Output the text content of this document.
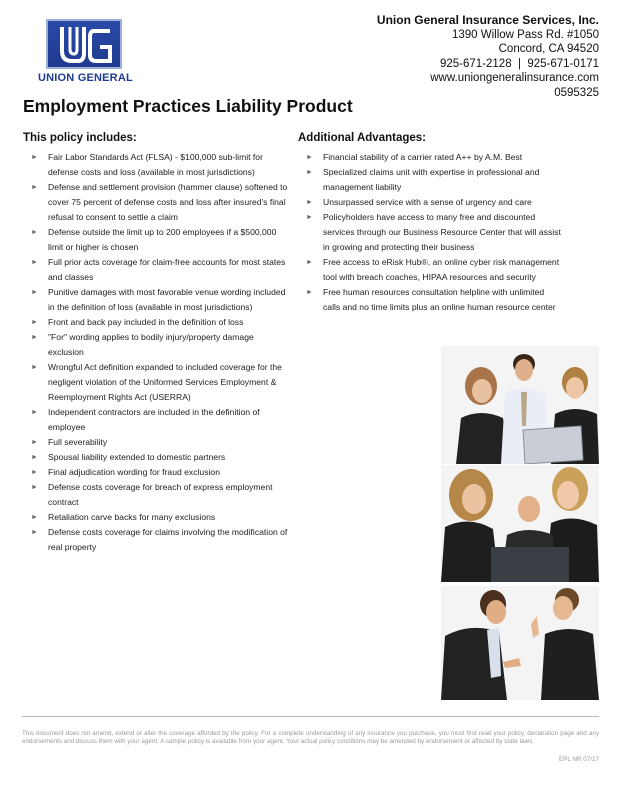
UNION GENERAL
Union General Insurance Services, Inc.
1390 Willow Pass Rd. #1050
Concord, CA 94520
925-671-2128  |  925-671-0171
www.uniongeneralinsurance.com
0595325
Employment Practices Liability Product
This policy includes:	Additional Advantages:
► Fair Labor Standards Act (FLSA) - $100,000 sub-limit for defense costs and loss (available in most jurisdictions)
► Defense and settlement provision (hammer clause) softened to cover 75 percent of defense costs and loss after insured's final refusal to consent to settle a claim
► Defense outside the limit up to 200 employees if a $500,000 limit or higher is chosen
► Full prior acts coverage for claim-free accounts for most states and classes
► Punitive damages with most favorable venue wording included in the definition of loss (available in most jurisdictions)
► Front and back pay included in the definition of loss
► "For" wording applies to bodily injury/property damage exclusion
► Wrongful Act definition expanded to included coverage for the negligent violation of the Uniformed Services Employment & Reemployment Rights Act (USERRA)
► Independent contractors are included in the definition of employee
► Full severability
► Spousal liability extended to domestic partners
► Final adjudication wording for fraud exclusion
► Defense costs coverage for breach of express employment contract
► Retaliation carve backs for many exclusions
► Defense costs coverage for claims involving the modification of real property
► Financial stability of a carrier rated A++ by A.M. Best
► Specialized claims unit with expertise in professional and management liability
► Unsurpassed service with a sense of urgency and care
► Policyholders have access to many free and discounted services through our Business Resource Center that will assist in growing and protecting their business
► Free access to eRisk Hub®, an online cyber risk management tool with breach coaches, HIPAA resources and security
► Free human resources consultation helpline with unlimited calls and no time limits plus an online human resource center
This document does not amend, extend or alter the coverage afforded by the policy. For a complete understanding of any insurance you purchase, you must first read your policy, declaration page and any endorsements and discuss them with your agent. A sample policy is available from your agent. Your actual policy conditions may be amended by endorsement or affected by state laws.
EPL NR 07/17
